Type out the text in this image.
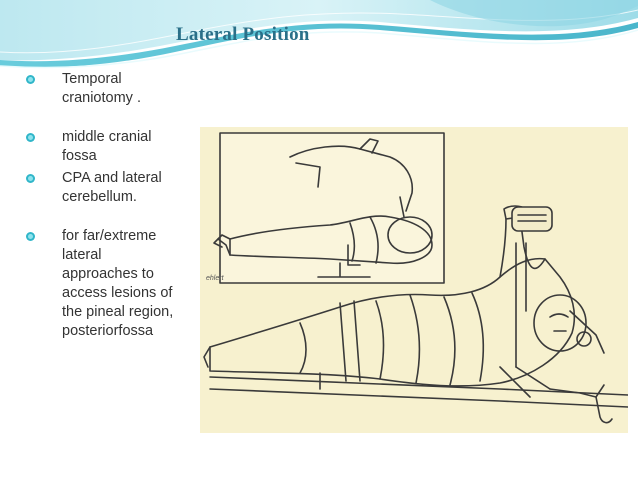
Lateral Position
Temporal
craniotomy .
middle cranial
fossa
CPA and lateral
cerebellum.
for far/extreme
lateral
approaches to
access lesions of
the pineal region,
posteriorfossa
ehlert
